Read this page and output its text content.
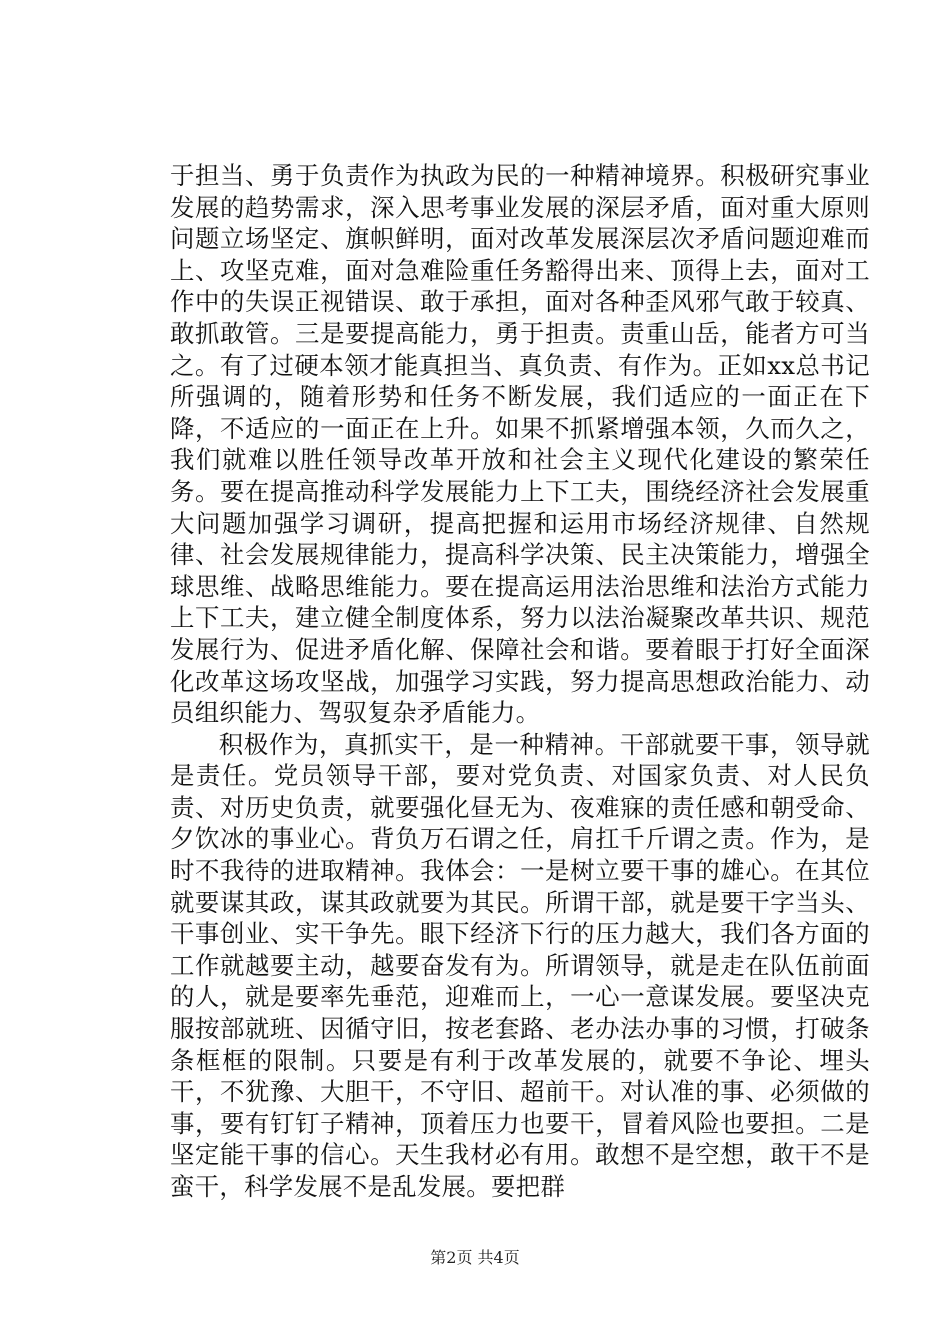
于担当、勇于负责作为执政为民的一种精神境界。积极研究事业发展的趋势需求，深入思考事业发展的深层矛盾，面对重大原则问题立场坚定、旗帜鲜明，面对改革发展深层次矛盾问题迎难而上、攻坚克难，面对急难险重任务豁得出来、顶得上去，面对工作中的失误正视错误、敢于承担，面对各种歪风邪气敢于较真、敢抓敢管。三是要提高能力，勇于担责。责重山岳，能者方可当之。有了过硬本领才能真担当、真负责、有作为。正如xx总书记所强调的，随着形势和任务不断发展，我们适应的一面正在下降，不适应的一面正在上升。如果不抓紧增强本领，久而久之，我们就难以胜任领导改革开放和社会主义现代化建设的繁荣任务。要在提高推动科学发展能力上下工夫，围绕经济社会发展重大问题加强学习调研，提高把握和运用市场经济规律、自然规律、社会发展规律能力，提高科学决策、民主决策能力，增强全球思维、战略思维能力。要在提高运用法治思维和法治方式能力上下工夫，建立健全制度体系，努力以法治凝聚改革共识、规范发展行为、促进矛盾化解、保障社会和谐。要着眼于打好全面深化改革这场攻坚战，加强学习实践，努力提高思想政治能力、动员组织能力、驾驭复杂矛盾能力。

积极作为，真抓实干，是一种精神。干部就要干事，领导就是责任。党员领导干部，要对党负责、对国家负责、对人民负责、对历史负责，就要强化昼无为、夜难寐的责任感和朝受命、夕饮冰的事业心。背负万石谓之任，肩扛千斤谓之责。作为，是时不我待的进取精神。我体会：一是树立要干事的雄心。在其位就要谋其政，谋其政就要为其民。所谓干部，就是要干字当头、干事创业、实干争先。眼下经济下行的压力越大，我们各方面的工作就越要主动，越要奋发有为。所谓领导，就是走在队伍前面的人，就是要率先垂范，迎难而上，一心一意谋发展。要坚决克服按部就班、因循守旧，按老套路、老办法办事的习惯，打破条条框框的限制。只要是有利于改革发展的，就要不争论、埋头干，不犹豫、大胆干，不守旧、超前干。对认准的事、必须做的事，要有钉钉子精神，顶着压力也要干，冒着风险也要担。二是坚定能干事的信心。天生我材必有用。敢想不是空想，敢干不是蛮干，科学发展不是乱发展。要把群

第2页 共4页
